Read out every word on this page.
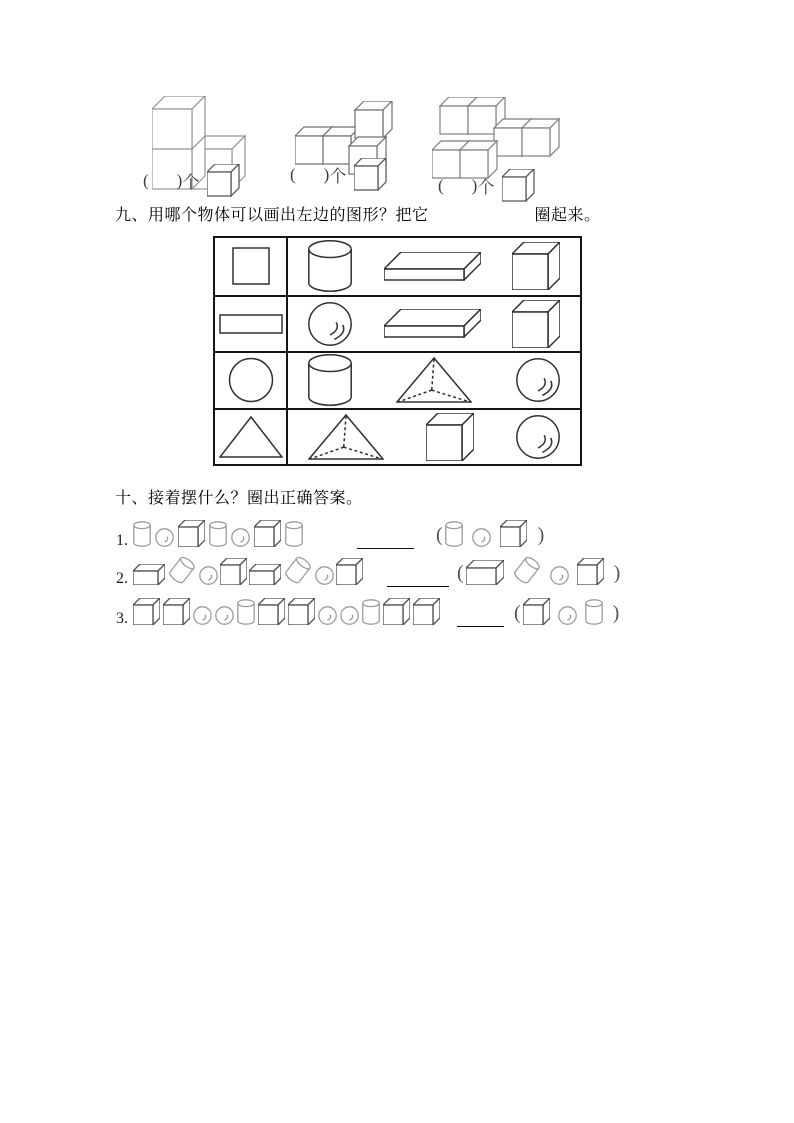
( ) 个	( ) 个	( ) 个
九、用哪个物体可以画出左边的图形？把它	圈起来。
十、接着摆什么？圈出正确答案。
1.	(	)
2.	(	)
3.	(	)
